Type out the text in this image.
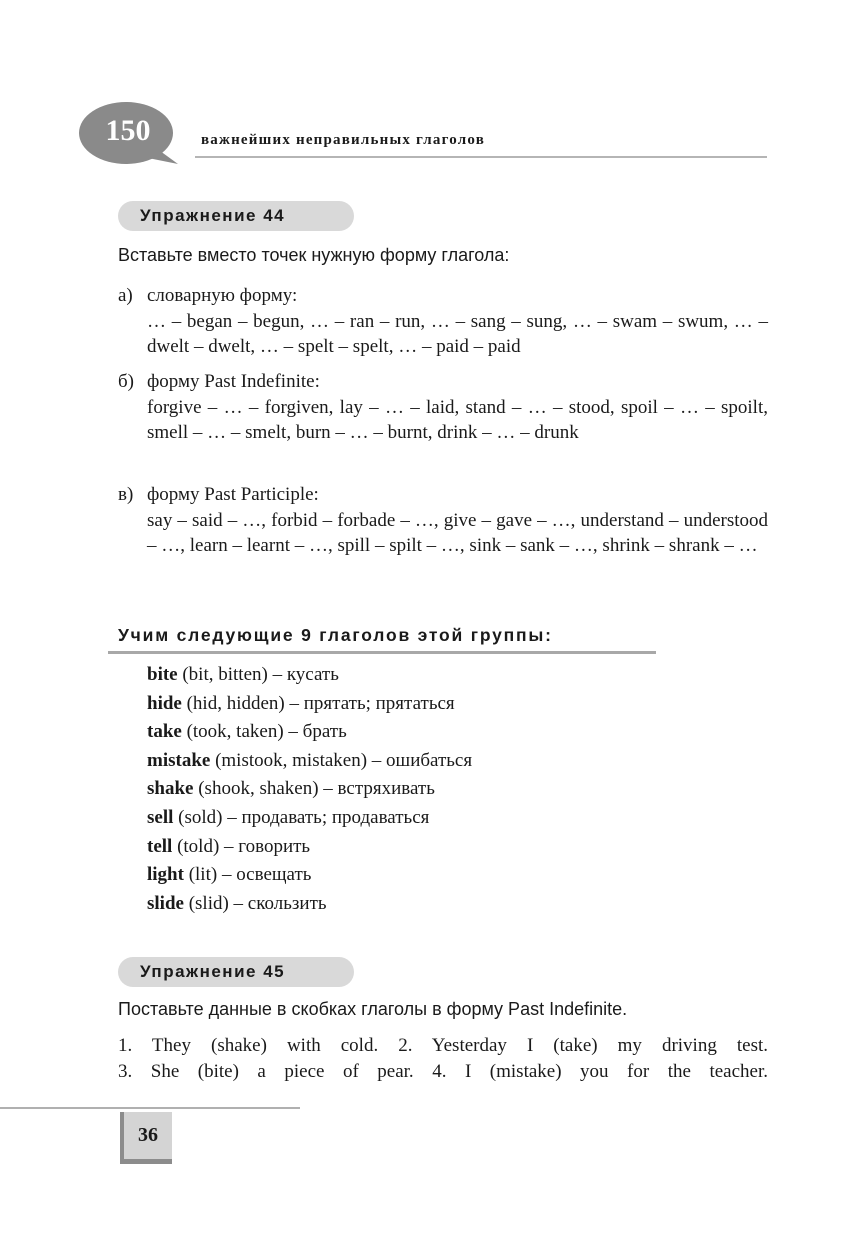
150	важнейших неправильных глаголов
Упражнение 44
Вставьте вместо точек нужную форму глагола:
а) словарную форму:
… – began – begun, … – ran – run, … – sang – sung, … – swam – swum, … – dwelt – dwelt, … – spelt – spelt, … – paid – paid
б) форму Past Indefinite:
forgive – … – forgiven, lay – … – laid, stand – … – stood, spoil – … – spoilt, smell – … – smelt, burn – … – burnt, drink – … – drunk
в) форму Past Participle:
say – said – …, forbid – forbade – …, give – gave – …, understand – understood – …, learn – learnt – …, spill – spilt – …, sink – sank – …, shrink – shrank – …
Учим следующие 9 глаголов этой группы:
bite (bit, bitten) – кусать
hide (hid, hidden) – прятать; прятаться
take (took, taken) – брать
mistake (mistook, mistaken) – ошибаться
shake (shook, shaken) – встряхивать
sell (sold) – продавать; продаваться
tell (told) – говорить
light (lit) – освещать
slide (slid) – скользить
Упражнение 45
Поставьте данные в скобках глаголы в форму Past Indefinite.
1. They (shake) with cold. 2. Yesterday I (take) my driving test.
3. She (bite) a piece of pear. 4. I (mistake) you for the teacher.
36
